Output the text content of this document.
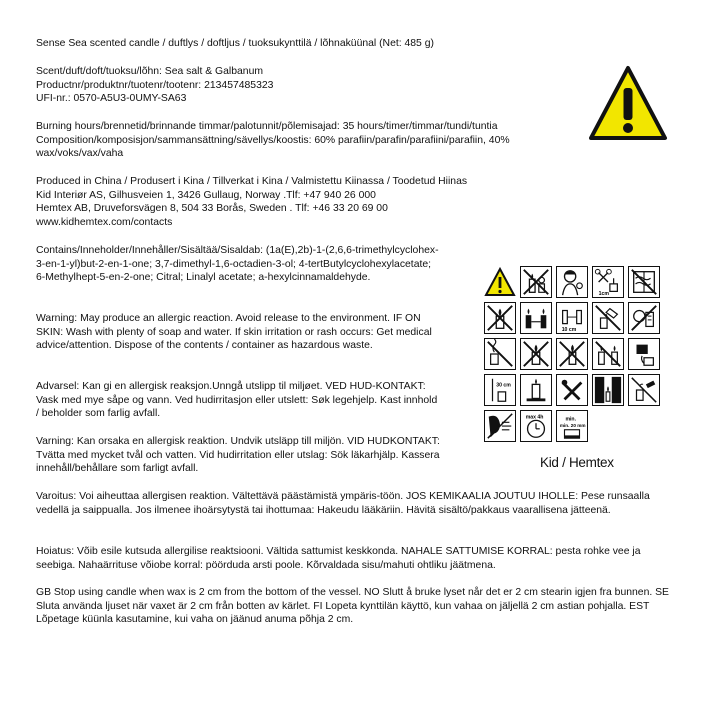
Sense Sea scented candle / duftlys / doftljus / tuoksukynttilä / lõhnaküünal (Net: 485 g)

Scent/duft/doft/tuoksu/lõhn: Sea salt & Galbanum

Productnr/produktnr/tuotenr/tootenr: 213457485323

UFI-nr.: 0570-A5U3-0UMY-SA63

Burning hours/brennetid/brinnande timmar/palotunnit/põlemisajad: 35 hours/timer/timmar/tundi/tuntia

Composition/komposisjon/sammansättning/sävellys/koostis: 60% parafiin/parafin/parafiini/parafiin, 40% wax/voks/vax/vaha

Produced in China / Produsert i Kina / Tillverkat i Kina / Valmistettu Kiinassa / Toodetud Hiinas

Kid Interiør AS, Gilhusveien 1, 3426 Gullaug, Norway .Tlf: +47 940 26 000

Hemtex AB, Druveforsvägen 8, 504 33 Borås, Sweden . Tlf: +46 33 20 69 00

www.kidhemtex.com/contacts

Contains/Inneholder/Innehåller/Sisältää/Sisaldab: (1a(E),2b)-1-(2,6,6-trimethylcyclohex-3-en-1-yl)but-2-en-1-one; 3,7-dimethyl-1,6-octadien-3-ol; 4-tertButylcyclohexylacetate; 6-Methylhept-5-en-2-one; Citral; Linalyl acetate; a-hexylcinnamaldehyde.

Warning: May produce an allergic reaction. Avoid release to the environment. IF ON SKIN: Wash with plenty of soap and water. If skin irritation or rash occurs: Get medical advice/attention. Dispose of the contents / container as hazardous waste.

Advarsel: Kan gi en allergisk reaksjon.Unngå utslipp til miljøet. VED HUD-KONTAKT: Vask med mye såpe og vann. Ved hudirritasjon eller utslett: Søk legehjelp. Kast innhold / beholder som farlig avfall.

Varning: Kan orsaka en allergisk reaktion. Undvik utsläpp till miljön. VID HUDKONTAKT: Tvätta med mycket tvål och vatten. Vid hudirritation eller utslag: Sök läkarhjälp. Kassera innehåll/behållare som farligt avfall.

Varoitus: Voi aiheuttaa allergisen reaktion. Vältettävä päästämistä ympäris-töön. JOS KEMIKAALIA JOUTUU IHOLLE: Pese runsaalla vedellä ja saippualla. Jos ilmenee ihoärsytystä tai ihottumaa: Hakeudu lääkäriin. Hävitä sisältö/pakkaus vaarallisena jätteenä.

Hoiatus: Võib esile kutsuda allergilise reaktsiooni. Vältida sattumist keskkonda. NAHALE SATTUMISE KORRAL: pesta rohke vee ja seebiga. Nahaärrituse võiobe korral: pöörduda arsti poole. Kõrvaldada sisu/mahuti ohtliku jäätmena.

GB Stop using candle when wax is 2 cm from the bottom of the vessel. NO Slutt å bruke lyset når det er 2 cm stearin igjen fra bunnen. SE Sluta använda ljuset när vaxet är 2 cm från botten av kärlet. FI Lopeta kynttilän käyttö, kun vahaa on jäljellä 2 cm astian pohjalla. EST Lõpetage küünla kasutamine, kui vaha on jäänud anuma põhja 2 cm.

1cm
10 cm
30 cm
max 4h	min.
min. 20 mm
Kid / Hemtex
